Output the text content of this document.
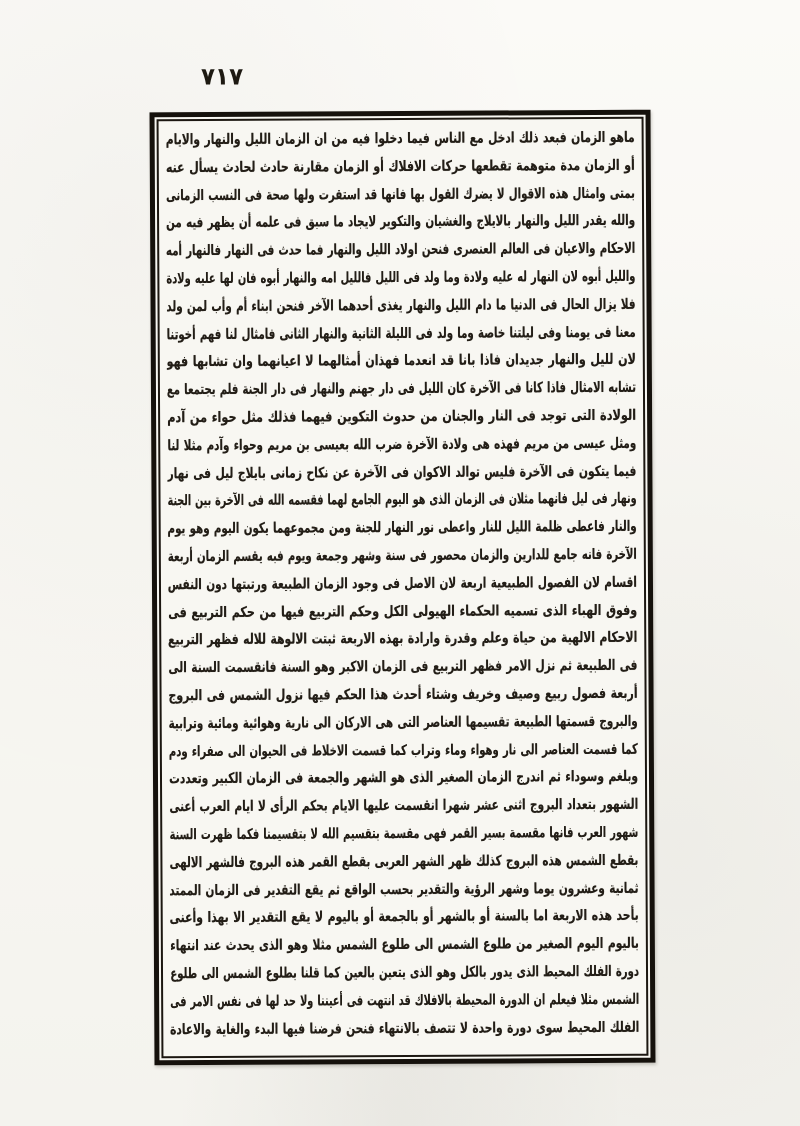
٧١٧
ماهو الزمان فبعد ذلك ادخل مع الناس فيما دخلوا فيه من ان الزمان الليل والنهار والايام
أو الزمان مدة متوهمة تقطعها حركات الافلاك أو الزمان مقارنة حادث لحادث يسأل عنه
بمتى وامثال هذه الاقوال لا يضرك القول بها فانها قد استقرت ولها صحة فى النسب الزمانى
والله يقدر الليل والنهار بالايلاج والغشيان والتكوير لايجاد ما سبق فى علمه أن يظهر فيه من
الاحكام والاعيان فى العالم العنصرى فنحن اولاد الليل والنهار فما حدث فى النهار فالنهار أمه
والليل أبوه لان النهار له عليه ولادة وما ولد فى الليل فالليل امه والنهار أبوه فان لها عليه ولادة
فلا يزال الحال فى الدنيا ما دام الليل والنهار يغذى أحدهما الآخر فنحن ابناء أم وأب لمن ولد
معنا فى يومنا وفى ليلتنا خاصة وما ولد فى الليلة الثانية والنهار الثانى فامثال لنا فهم أخوتنا
لان لليل والنهار جديدان فاذا بانا قد انعدما فهذان أمثالهما لا اعيانهما وان تشابها فهو
تشابه الامثال فاذا كانا فى الآخرة كان الليل فى دار جهنم والنهار فى دار الجنة فلم يجتمعا مع
الولادة التى توجد فى النار والجنان من حدوث التكوين فيهما فذلك مثل حواء من آدم
ومثل عيسى من مريم فهذه هى ولادة الآخرة ضرب الله بعيسى بن مريم وحواء وآدم مثلا لنا
فيما يتكون فى الآخرة فليس توالد الاكوان فى الآخرة عن نكاح زمانى بايلاج ليل فى نهار
ونهار فى ليل فانهما مثلان فى الزمان الذى هو اليوم الجامع لهما فقسمه الله فى الآخرة بين الجنة
والنار فاعطى ظلمة الليل للنار واعطى نور النهار للجنة ومن مجموعهما يكون اليوم وهو يوم
الآخرة فانه جامع للدارين والزمان محصور فى سنة وشهر وجمعة ويوم فبه يقسم الزمان أربعة
اقسام لان الفصول الطبيعية اربعة لان الاصل فى وجود الزمان الطبيعة ورتبتها دون النفس
وفوق الهباء الذى تسميه الحكماء الهيولى الكل وحكم التربيع فيها من حكم التربيع فى
الاحكام الالهية من حياة وعلم وقدرة وارادة بهذه الاربعة ثبتت الالوهة للاله فظهر التربيع
فى الطبيعة ثم نزل الامر فظهر التربيع فى الزمان الاكبر وهو السنة فانقسمت السنة الى
أربعة فصول ربيع وصيف وخريف وشتاء أحدث هذا الحكم فيها نزول الشمس فى البروج
والبروج قسمتها الطبيعة تقسيمها العناصر التى هى الاركان الى نارية وهوائية ومائية وترابية
كما قسمت العناصر الى نار وهواء وماء وتراب كما قسمت الاخلاط فى الحيوان الى صفراء ودم
وبلغم وسوداء ثم اندرج الزمان الصغير الذى هو الشهر والجمعة فى الزمان الكبير وتعددت
الشهور بتعداد البروج اثنى عشر شهرا انقسمت عليها الايام بحكم الرأى لا ايام العرب أعنى
شهور العرب فانها مقسمة بسير القمر فهى مقسمة بتقسيم الله لا بتقسيمنا فكما ظهرت السنة
بقطع الشمس هذه البروج كذلك ظهر الشهر العربى بقطع القمر هذه البروج فالشهر الالهى
ثمانية وعشرون يوما وشهر الرؤية والتقدير بحسب الواقع ثم يقع التقدير فى الزمان الممتد
بأحد هذه الاربعة اما بالسنة أو بالشهر أو بالجمعة أو باليوم لا يقع التقدير الا بهذا وأعنى
باليوم اليوم الصغير من طلوع الشمس الى طلوع الشمس مثلا وهو الذى يحدث عند انتهاء
دورة الفلك المحيط الذى يدور بالكل وهو الذى يتعين بالعين كما قلنا بطلوع الشمس الى طلوع
الشمس مثلا فيعلم ان الدورة المحيطة بالافلاك قد انتهت فى أعيننا ولا حد لها فى نفس الامر فى
الفلك المحيط سوى دورة واحدة لا تتصف بالانتهاء فنحن فرضنا فيها البدء والغاية والاعادة
